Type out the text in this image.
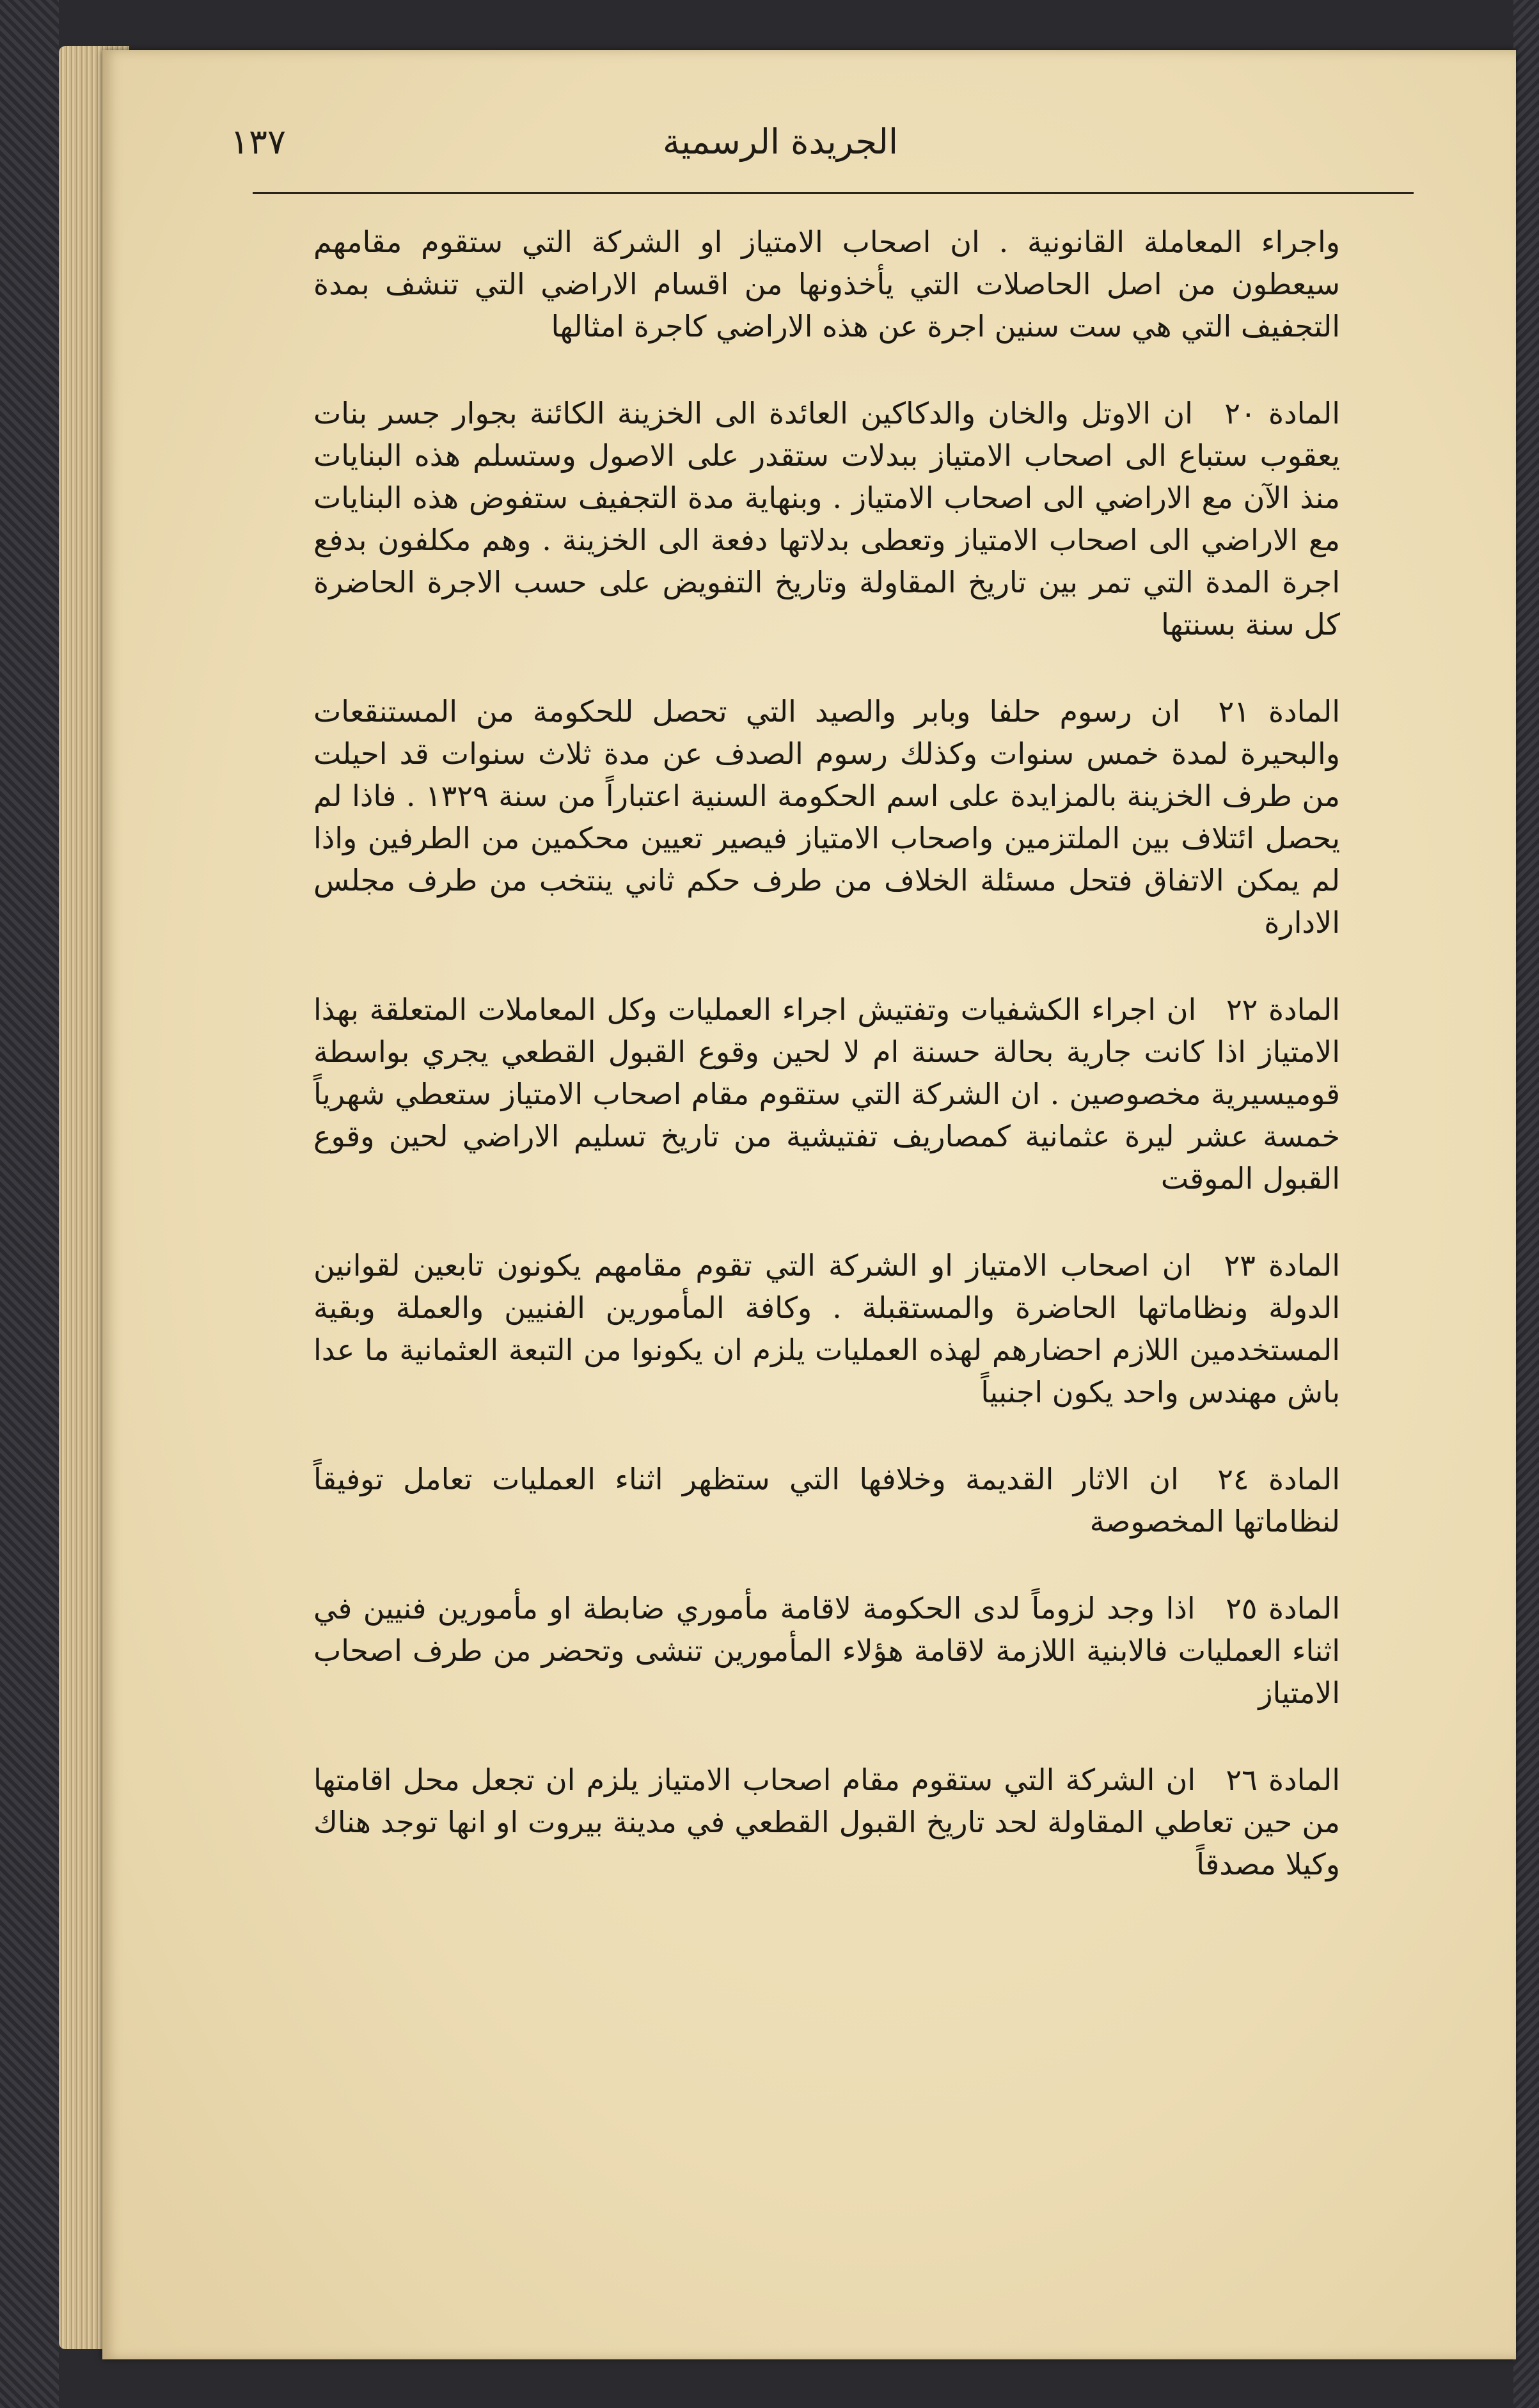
الجريدة الرسمية
١٣٧

واجراء المعاملة القانونية . ان اصحاب الامتياز او الشركة التي ستقوم مقامهم سيعطون من اصل الحاصلات التي يأخذونها من اقسام الاراضي التي تنشف بمدة التجفيف التي هي ست سنين اجرة عن هذه الاراضي كاجرة امثالها

المادة ٢٠ ان الاوتل والخان والدكاكين العائدة الى الخزينة الكائنة بجوار جسر بنات يعقوب ستباع الى اصحاب الامتياز ببدلات ستقدر على الاصول وستسلم هذه البنايات منذ الآن مع الاراضي الى اصحاب الامتياز . وبنهاية مدة التجفيف ستفوض هذه البنايات مع الاراضي الى اصحاب الامتياز وتعطى بدلاتها دفعة الى الخزينة . وهم مكلفون بدفع اجرة المدة التي تمر بين تاريخ المقاولة وتاريخ التفويض على حسب الاجرة الحاضرة كل سنة بسنتها

المادة ٢١ ان رسوم حلفا وبابر والصيد التي تحصل للحكومة من المستنقعات والبحيرة لمدة خمس سنوات وكذلك رسوم الصدف عن مدة ثلاث سنوات قد احيلت من طرف الخزينة بالمزايدة على اسم الحكومة السنية اعتباراً من سنة ١٣٢٩ . فاذا لم يحصل ائتلاف بين الملتزمين واصحاب الامتياز فيصير تعيين محكمين من الطرفين واذا لم يمكن الاتفاق فتحل مسئلة الخلاف من طرف حكم ثاني ينتخب من طرف مجلس الادارة

المادة ٢٢ ان اجراء الكشفيات وتفتيش اجراء العمليات وكل المعاملات المتعلقة بهذا الامتياز اذا كانت جارية بحالة حسنة ام لا لحين وقوع القبول القطعي يجري بواسطة قوميسيرية مخصوصين . ان الشركة التي ستقوم مقام اصحاب الامتياز ستعطي شهرياً خمسة عشر ليرة عثمانية كمصاريف تفتيشية من تاريخ تسليم الاراضي لحين وقوع القبول الموقت

المادة ٢٣ ان اصحاب الامتياز او الشركة التي تقوم مقامهم يكونون تابعين لقوانين الدولة ونظاماتها الحاضرة والمستقبلة . وكافة المأمورين الفنيين والعملة وبقية المستخدمين اللازم احضارهم لهذه العمليات يلزم ان يكونوا من التبعة العثمانية ما عدا باش مهندس واحد يكون اجنبياً

المادة ٢٤ ان الاثار القديمة وخلافها التي ستظهر اثناء العمليات تعامل توفيقاً لنظاماتها المخصوصة

المادة ٢٥ اذا وجد لزوماً لدى الحكومة لاقامة مأموري ضابطة او مأمورين فنيين في اثناء العمليات فالابنية اللازمة لاقامة هؤلاء المأمورين تنشى وتحضر من طرف اصحاب الامتياز

المادة ٢٦ ان الشركة التي ستقوم مقام اصحاب الامتياز يلزم ان تجعل محل اقامتها من حين تعاطي المقاولة لحد تاريخ القبول القطعي في مدينة بيروت او انها توجد هناك وكيلا مصدقاً
